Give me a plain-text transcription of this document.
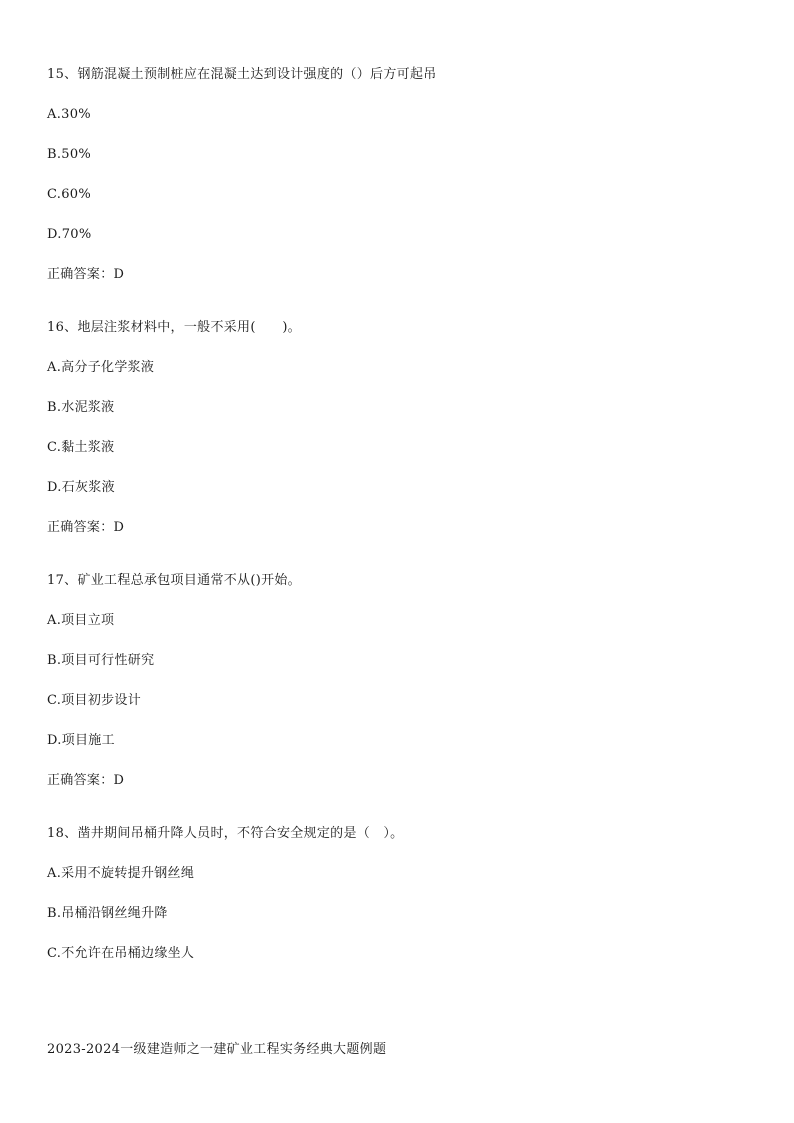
15、钢筋混凝土预制桩应在混凝土达到设计强度的（）后方可起吊
A.30%
B.50%
C.60%
D.70%
正确答案：D
16、地层注浆材料中，一般不采用(　　)。
A.高分子化学浆液
B.水泥浆液
C.黏土浆液
D.石灰浆液
正确答案：D
17、矿业工程总承包项目通常不从()开始。
A.项目立项
B.项目可行性研究
C.项目初步设计
D.项目施工
正确答案：D
18、凿井期间吊桶升降人员时，不符合安全规定的是（　）。
A.采用不旋转提升钢丝绳
B.吊桶沿钢丝绳升降
C.不允许在吊桶边缘坐人
2023-2024一级建造师之一建矿业工程实务经典大题例题
